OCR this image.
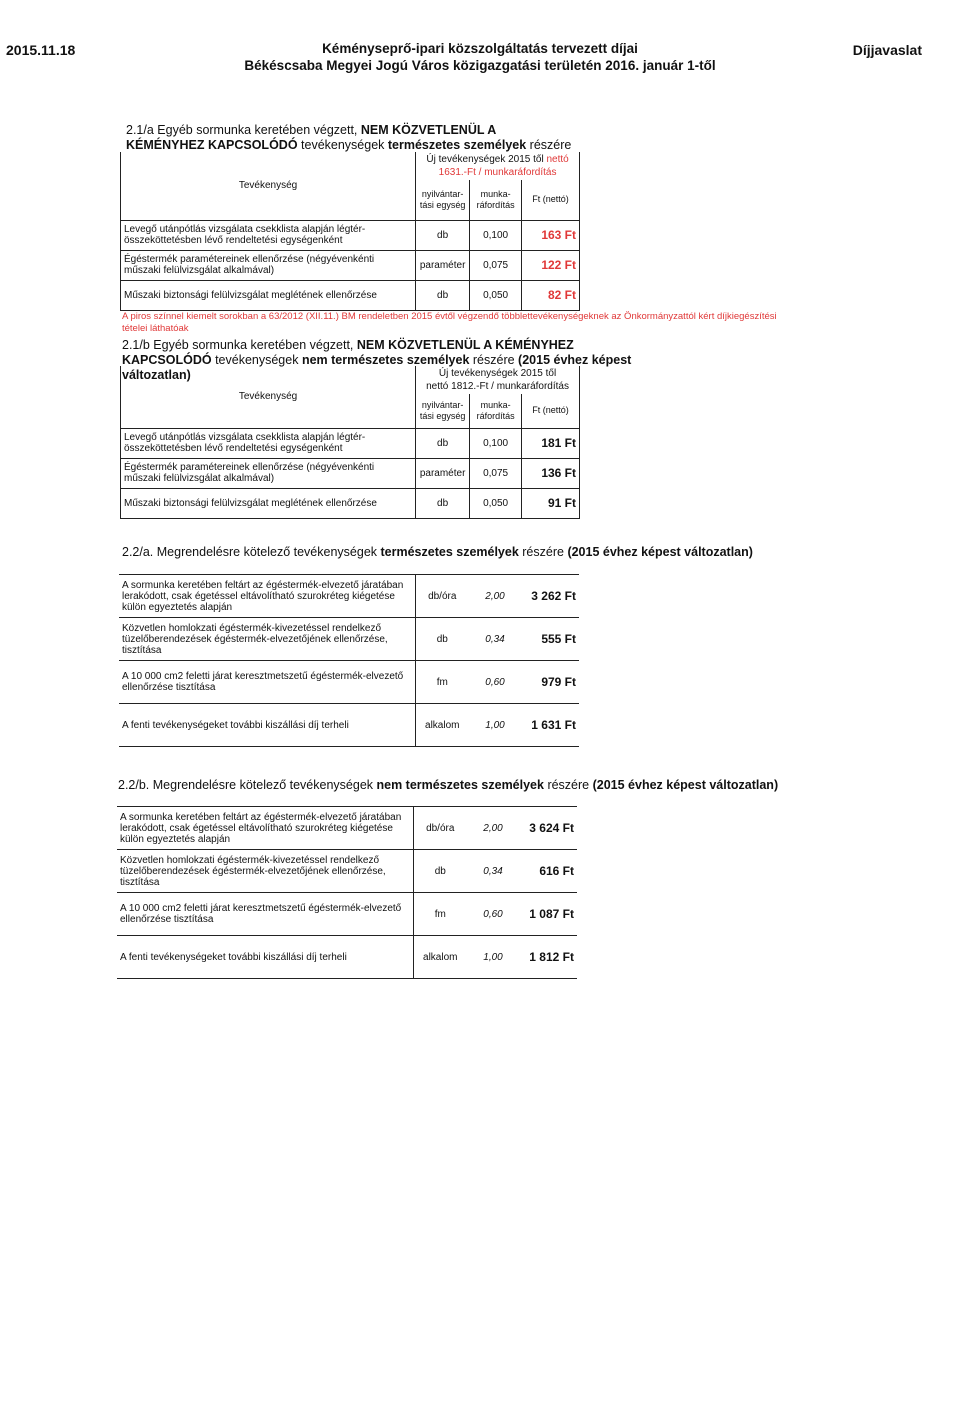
2015.11.18	Kéményseprő-ipari közszolgáltatás tervezett díjai
Békéscsaba Megyei Jogú Város közigazgatási területén 2016. január 1-től
Díjjavaslat
2.1/a Egyéb sormunka keretében végzett, NEM KÖZVETLENÜL A KÉMÉNYHEZ KAPCSOLÓDÓ tevékenységek természetes személyek részére
Tevékenység	Új tevékenységek 2015 től nettó 1631.-Ft / munkaráfordítás		
	nyilvántar-tási egység	munka-ráfordítás	Ft (nettó)
Levegő utánpótlás vizsgálata csekklista alapján légtér-összeköttetésben lévő rendeltetési egységenként	db	0,100	163 Ft
Égéstermék paramétereinek ellenőrzése (négyévenkénti műszaki felülvizsgálat alkalmával)	paraméter	0,075	122 Ft
Műszaki biztonsági felülvizsgálat meglétének ellenőrzése	db	0,050	82 Ft
A piros színnel kiemelt sorokban a 63/2012 (XII.11.) BM rendeletben 2015 évtől végzendő többlettevékenységeknek az Önkormányzattól kért díjkiegészítési tételei láthatóak
2.1/b Egyéb sormunka keretében végzett, NEM KÖZVETLENÜL A KÉMÉNYHEZ KAPCSOLÓDÓ tevékenységek nem természetes személyek részére (2015 évhez képest változatlan)
Tevékenység	Új tevékenységek 2015 től
nettó 1812.-Ft / munkaráfordítás		

	nyilvántar-tási egység	munka-ráfordítás	Ft (nettó)
Levegő utánpótlás vizsgálata csekklista alapján légtér-összeköttetésben lévő rendeltetési egységenként	db	0,100	181 Ft
Égéstermék paramétereinek ellenőrzése (négyévenkénti műszaki felülvizsgálat alkalmával)	paraméter	0,075	136 Ft
Műszaki biztonsági felülvizsgálat meglétének ellenőrzése	db	0,050	91 Ft
2.2/a. Megrendelésre kötelező tevékenységek természetes személyek részére (2015 évhez képest változatlan)
A sormunka keretében feltárt az égéstermék-elvezető járatában lerakódott, csak égetéssel eltávolítható szurokréteg kiégetése külön egyeztetés alapján	db/óra	2,00	3 262 Ft
Közvetlen homlokzati égéstermék-kivezetéssel rendelkező tüzelőberendezések égéstermék-elvezetőjének ellenőrzése, tisztítása	db	0,34	555 Ft
A 10 000 cm2 feletti járat keresztmetszetű égéstermék-elvezető ellenőrzése tisztítása	fm	0,60	979 Ft
A fenti tevékenységeket további kiszállási díj terheli	alkalom	1,00	1 631 Ft
2.2/b. Megrendelésre kötelező tevékenységek nem természetes személyek részére (2015 évhez képest változatlan)
A sormunka keretében feltárt az égéstermék-elvezető járatában lerakódott, csak égetéssel eltávolítható szurokréteg kiégetése külön egyeztetés alapján	db/óra	2,00	3 624 Ft
Közvetlen homlokzati égéstermék-kivezetéssel rendelkező tüzelőberendezések égéstermék-elvezetőjének ellenőrzése, tisztítása	db	0,34	616 Ft
A 10 000 cm2 feletti járat keresztmetszetű égéstermék-elvezető ellenőrzése tisztítása	fm	0,60	1 087 Ft
A fenti tevékenységeket további kiszállási díj terheli	alkalom	1,00	1 812 Ft
